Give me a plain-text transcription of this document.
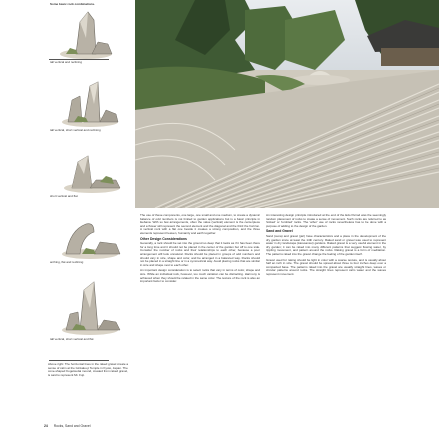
Some basic rock combinations.
tall vertical and reclining
tall vertical, short vertical and reclining
short vertical and flat
arching, flat and reclining
tall vertical, short vertical and flat
Above right: The horizontal lines in the raked gravel create a sense of calm at the Ginkaku-ji Temple in Kyoto, Japan. The cone-shaped Kogetsudai mound, created from raked gravel, is said to represent Mt. Fuji.

The use of these components, one large, one small and one medium, to create a dynamic balance of odd numbers is not limited to garden applications but is a basic principle in ikebana. With so few arrangements, often the value (vertical) element is the centerpiece and a flower will represent the second element and the diagonal and the third the horizon. A vertical rock with a flat one beside it creates a strong composition, and the three elements represent heaven, humanity and earth together.

Other Design Considerations

Generally, a rock should be set into the ground so deep that it looks as if it has been there for a long time and it should not be placed in the center of the garden but off to one side. Consider the number of rocks and their relationships to each other, because a poor arrangement will look unnatural. Rocks should be placed in groups of odd numbers and should vary in size, shape and color, and be arranged in a balanced way. Rocks should not be placed in a straight line or in a symmetrical way. Avoid placing rocks that are similar in size and shape next to each other.

An important design consideration is to select rocks that vary in terms of color, shape and size. While an individual rock, however, too much variation can be distracting. Harmony is achieved when they should be related in the same color. The texture of the rock is also an important factor to consider.

An interesting design principle introduced at the end of the Edo Period was the seemingly random placement of rocks to create a sense of movement. Such rocks are referred to as 'kicked' or 'tumbled' rocks. The 'arbor' use of rocks nevertheless has to be done with a purpose of adding to the design of the garden.

Sand and Gravel

Sand (suna) and gravel (jari) have characteristics and a place in the development of the dry garden since at least the 14th century. Raked sand or gravel was used to represent water in dry landscape (karesansui) gardens. Raked gravel is a very useful element in the dry garden; it can be raked into many different patterns that suggest flowing water, by rippling movement, and pattern around the rocks. Raking gravel is a form of meditation. The patterns raked into the gravel change the feeling of the garden itself.

Gravel used for raking should be light in color with a coarse texture, and is usually about half an inch in size. The gravel should be spread about three to four inches deep over a compacted base. The patterns raked into the gravel are usually straight lines, waves or circular patterns around rocks. The straight lines represent calm water and the waves represent movement.

24 Rocks, Sand and Gravel
